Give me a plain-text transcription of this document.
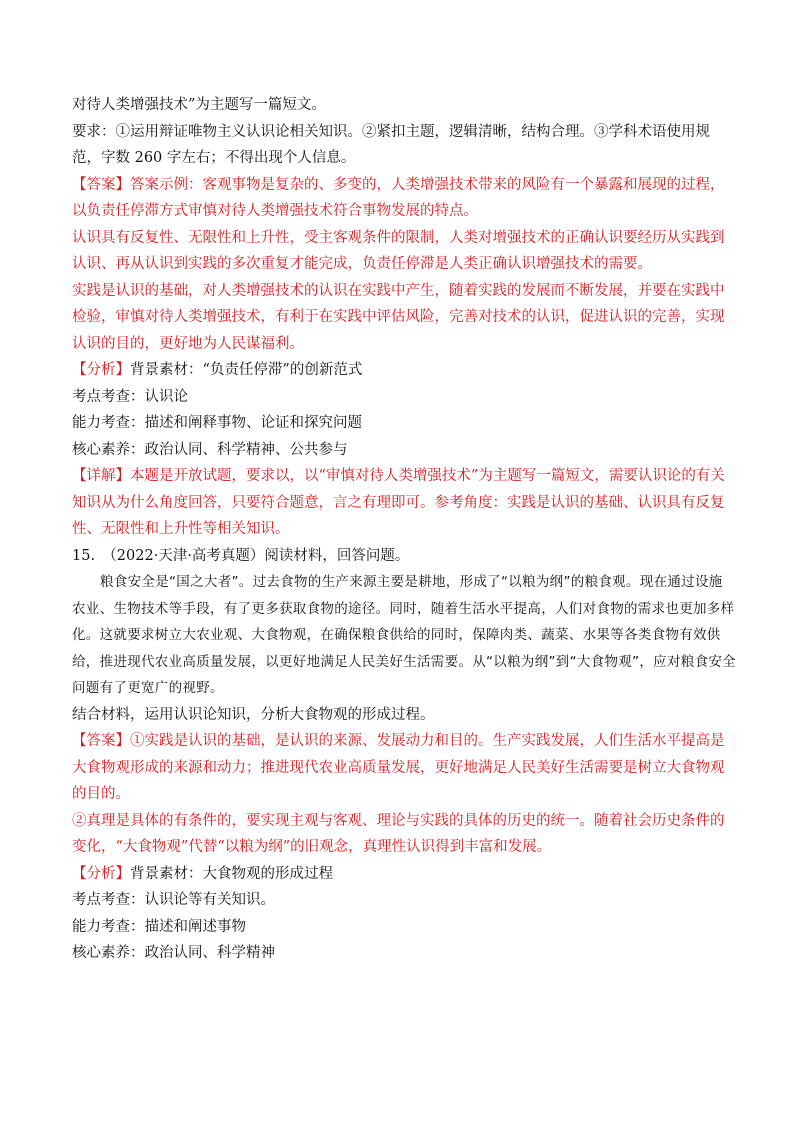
对待人类增强技术”为主题写一篇短文。

要求：①运用辩证唯物主义认识论相关知识。②紧扣主题，逻辑清晰，结构合理。③学科术语使用规范，字数 260 字左右；不得出现个人信息。

【答案】答案示例：客观事物是复杂的、多变的，人类增强技术带来的风险有一个暴露和展现的过程，以负责任停滞方式审慎对待人类增强技术符合事物发展的特点。

认识具有反复性、无限性和上升性，受主客观条件的限制，人类对增强技术的正确认识要经历从实践到认识、再从认识到实践的多次重复才能完成，负责任停滞是人类正确认识增强技术的需要。

实践是认识的基础，对人类增强技术的认识在实践中产生，随着实践的发展而不断发展，并要在实践中检验，审慎对待人类增强技术，有利于在实践中评估风险，完善对技术的认识，促进认识的完善，实现认识的目的，更好地为人民谋福利。

【分析】背景素材：“负责任停滞”的创新范式

考点考查：认识论

能力考查：描述和阐释事物、论证和探究问题

核心素养：政治认同、科学精神、公共参与

【详解】本题是开放试题，要求以，以“审慎对待人类增强技术”为主题写一篇短文，需要认识论的有关知识从为什么角度回答，只要符合题意，言之有理即可。参考角度：实践是认识的基础、认识具有反复性、无限性和上升性等相关知识。

15.　（2022·天津·高考真题）阅读材料，回答问题。

粮食安全是“国之大者”。过去食物的生产来源主要是耕地，形成了“以粮为纲”的粮食观。现在通过设施农业、生物技术等手段，有了更多获取食物的途径。同时，随着生活水平提高，人们对食物的需求也更加多样化。这就要求树立大农业观、大食物观，在确保粮食供给的同时，保障肉类、蔬菜、水果等各类食物有效供给，推进现代农业高质量发展，以更好地满足人民美好生活需要。从“以粮为纲”到“大食物观”，应对粮食安全问题有了更宽广的视野。

结合材料，运用认识论知识，分析大食物观的形成过程。

【答案】①实践是认识的基础，是认识的来源、发展动力和目的。生产实践发展，人们生活水平提高是大食物观形成的来源和动力；推进现代农业高质量发展，更好地满足人民美好生活需要是树立大食物观的目的。

②真理是具体的有条件的，要实现主观与客观、理论与实践的具体的历史的统一。随着社会历史条件的变化，“大食物观”代替“以粮为纲”的旧观念，真理性认识得到丰富和发展。

【分析】背景素材：大食物观的形成过程

考点考查：认识论等有关知识。

能力考查：描述和阐述事物

核心素养：政治认同、科学精神
